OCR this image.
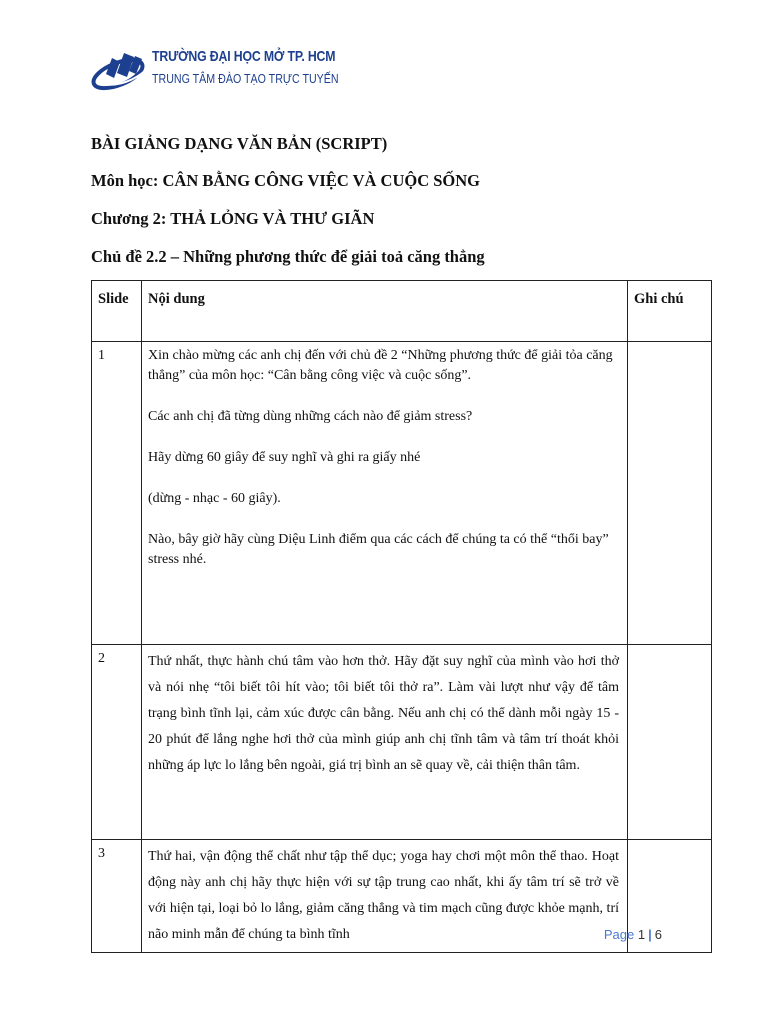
TRƯỜNG ĐẠI HỌC MỞ TP. HCM
TRUNG TÂM ĐÀO TẠO TRỰC TUYẾN
BÀI GIẢNG DẠNG VĂN BẢN (SCRIPT)
Môn học: CÂN BẰNG CÔNG VIỆC VÀ CUỘC SỐNG
Chương 2: THẢ LỎNG VÀ THƯ GIÃN
Chủ đề 2.2 – Những phương thức để giải toả căng thẳng
Slide	Nội dung	Ghi chú
1	Xin chào mừng các anh chị đến với chủ đề 2 “Những phương thức để giải tỏa căng thẳng” của môn học: “Cân bằng công việc và cuộc sống”.

Các anh chị đã từng dùng những cách nào để giảm stress?

Hãy dừng 60 giây để suy nghĩ và ghi ra giấy nhé

(dừng - nhạc - 60 giây).

Nào, bây giờ hãy cùng Diệu Linh điểm qua các cách để chúng ta có thể “thổi bay” stress nhé.	

2	Thứ nhất, thực hành chú tâm vào hơn thở. Hãy đặt suy nghĩ của mình vào hơi thở và nói nhẹ “tôi biết tôi hít vào; tôi biết tôi thở ra”. Làm vài lượt như vậy để tâm trạng bình tĩnh lại, cảm xúc được cân bằng. Nếu anh chị có thể dành mỗi ngày 15 - 20 phút để lắng nghe hơi thở của mình giúp anh chị tĩnh tâm và tâm trí thoát khỏi những áp lực lo lắng bên ngoài, giá trị bình an sẽ quay về, cải thiện thân tâm.	

3	Thứ hai, vận động thể chất như tập thể dục; yoga hay chơi một môn thể thao. Hoạt động này anh chị hãy thực hiện với sự tập trung cao nhất, khi ấy tâm trí sẽ trở về với hiện tại, loại bỏ lo lắng, giảm căng thẳng và tim mạch cũng được khỏe mạnh, trí não minh mẫn để chúng ta bình tĩnh	

		Page 1 | 6
